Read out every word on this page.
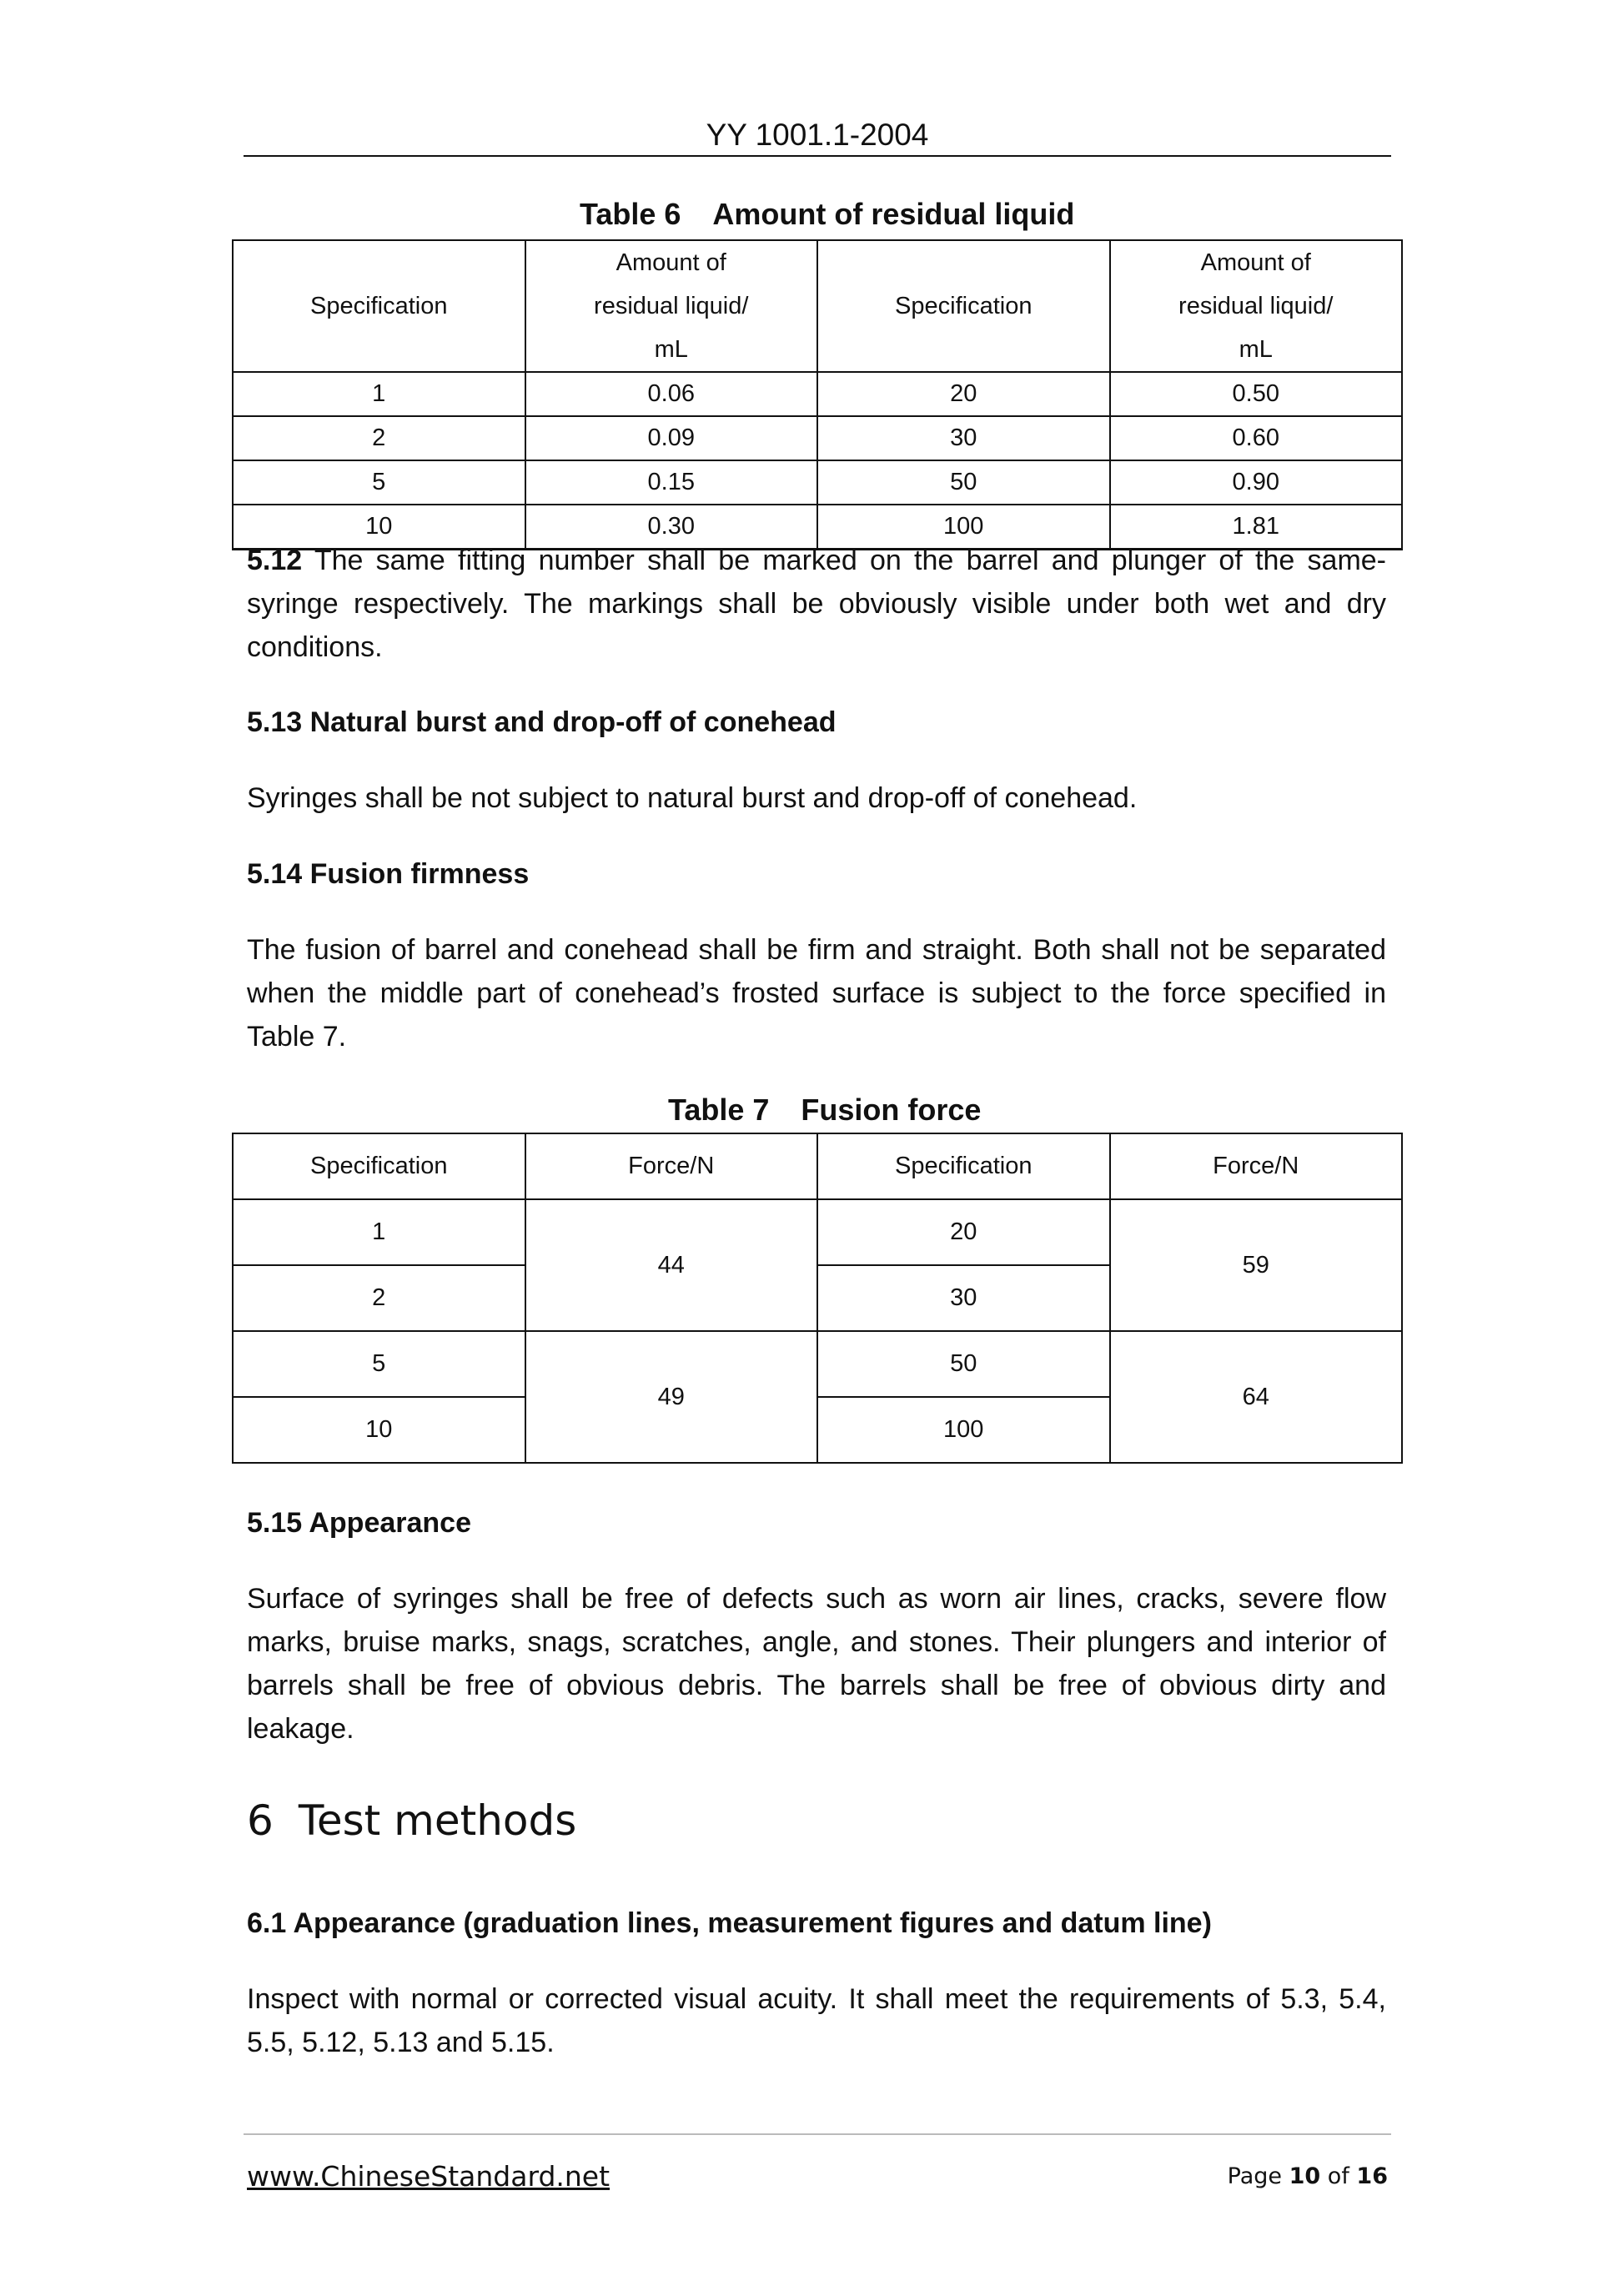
YY 1001.1-2004
Table 6 Amount of residual liquid
Specification	Amount of residual liquid/ mL	Specification	Amount of residual liquid/ mL

1	0.06	20	0.50
2	0.09	30	0.60
5	0.15	50	0.90
10	0.30	100	1.81

5.12 The same fitting number shall be marked on the barrel and plunger of the same-syringe respectively. The markings shall be obviously visible under both wet and dry conditions.

5.13 Natural burst and drop-off of conehead

Syringes shall be not subject to natural burst and drop-off of conehead.

5.14 Fusion firmness

The fusion of barrel and conehead shall be firm and straight. Both shall not be separated when the middle part of conehead’s frosted surface is subject to the force specified in Table 7.

Table 7 Fusion force
Specification	Force/N	Specification	Force/N
1	44	20	59
2		30	
5	49	50	64
10		100	

5.15 Appearance

Surface of syringes shall be free of defects such as worn air lines, cracks, severe flow marks, bruise marks, snags, scratches, angle, and stones. Their plungers and interior of barrels shall be free of obvious debris. The barrels shall be free of obvious dirty and leakage.

6 Test methods

6.1 Appearance (graduation lines, measurement figures and datum line)

Inspect with normal or corrected visual acuity. It shall meet the requirements of 5.3, 5.4, 5.5, 5.12, 5.13 and 5.15.

www.ChineseStandard.net	Page 10 of 16
